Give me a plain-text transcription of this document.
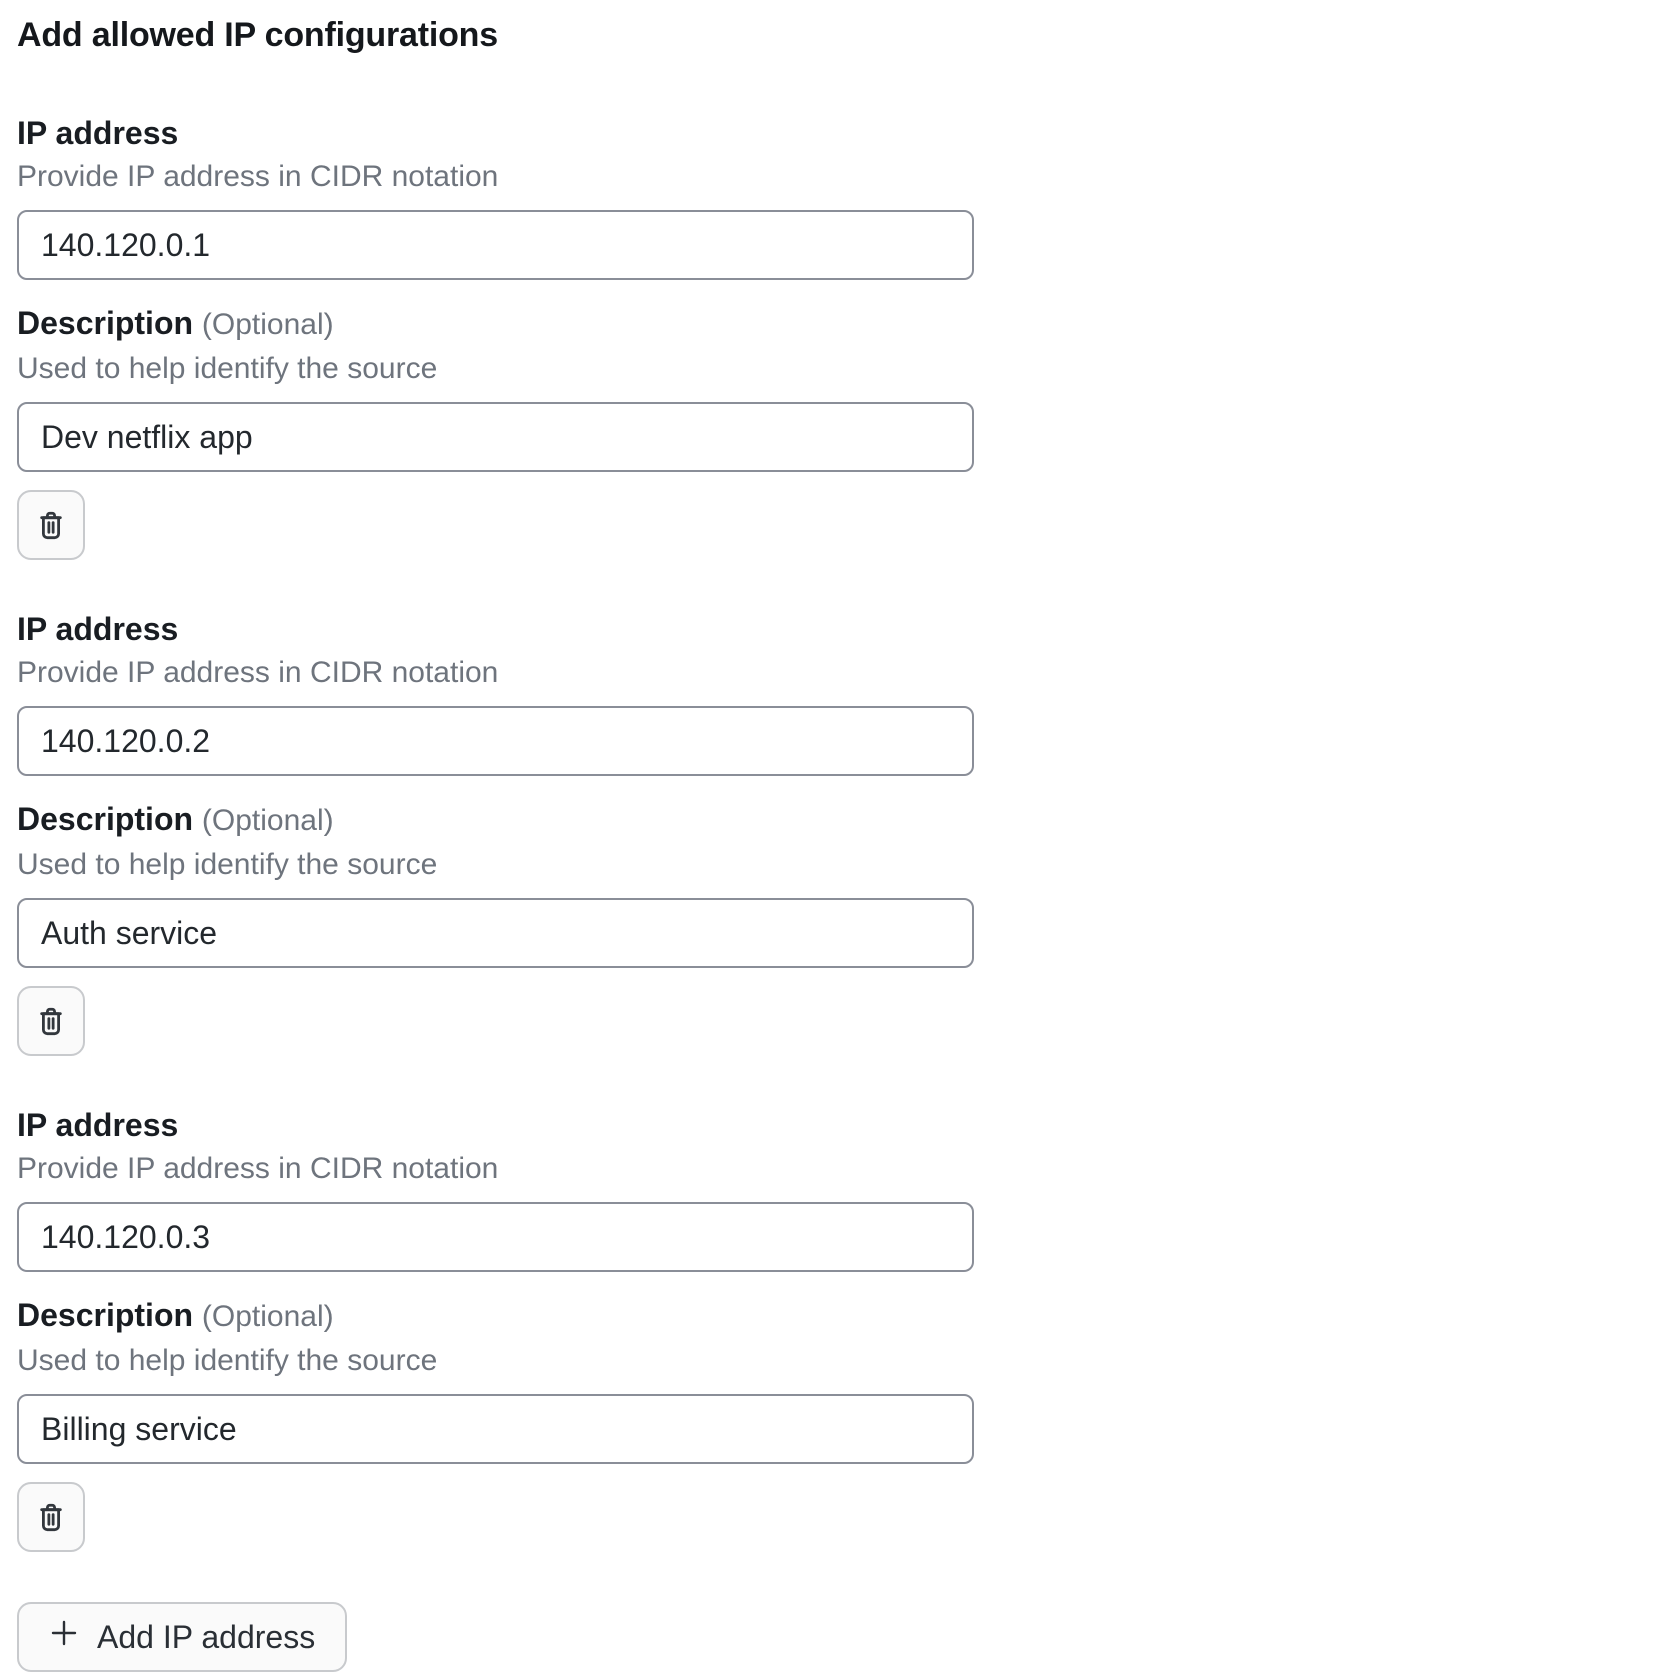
Add allowed IP configurations
IP address
Provide IP address in CIDR notation
140.120.0.1
Description (Optional)
Used to help identify the source
Dev netflix app
IP address
Provide IP address in CIDR notation
140.120.0.2
Description (Optional)
Used to help identify the source
Auth service
IP address
Provide IP address in CIDR notation
140.120.0.3
Description (Optional)
Used to help identify the source
Billing service
Add IP address
